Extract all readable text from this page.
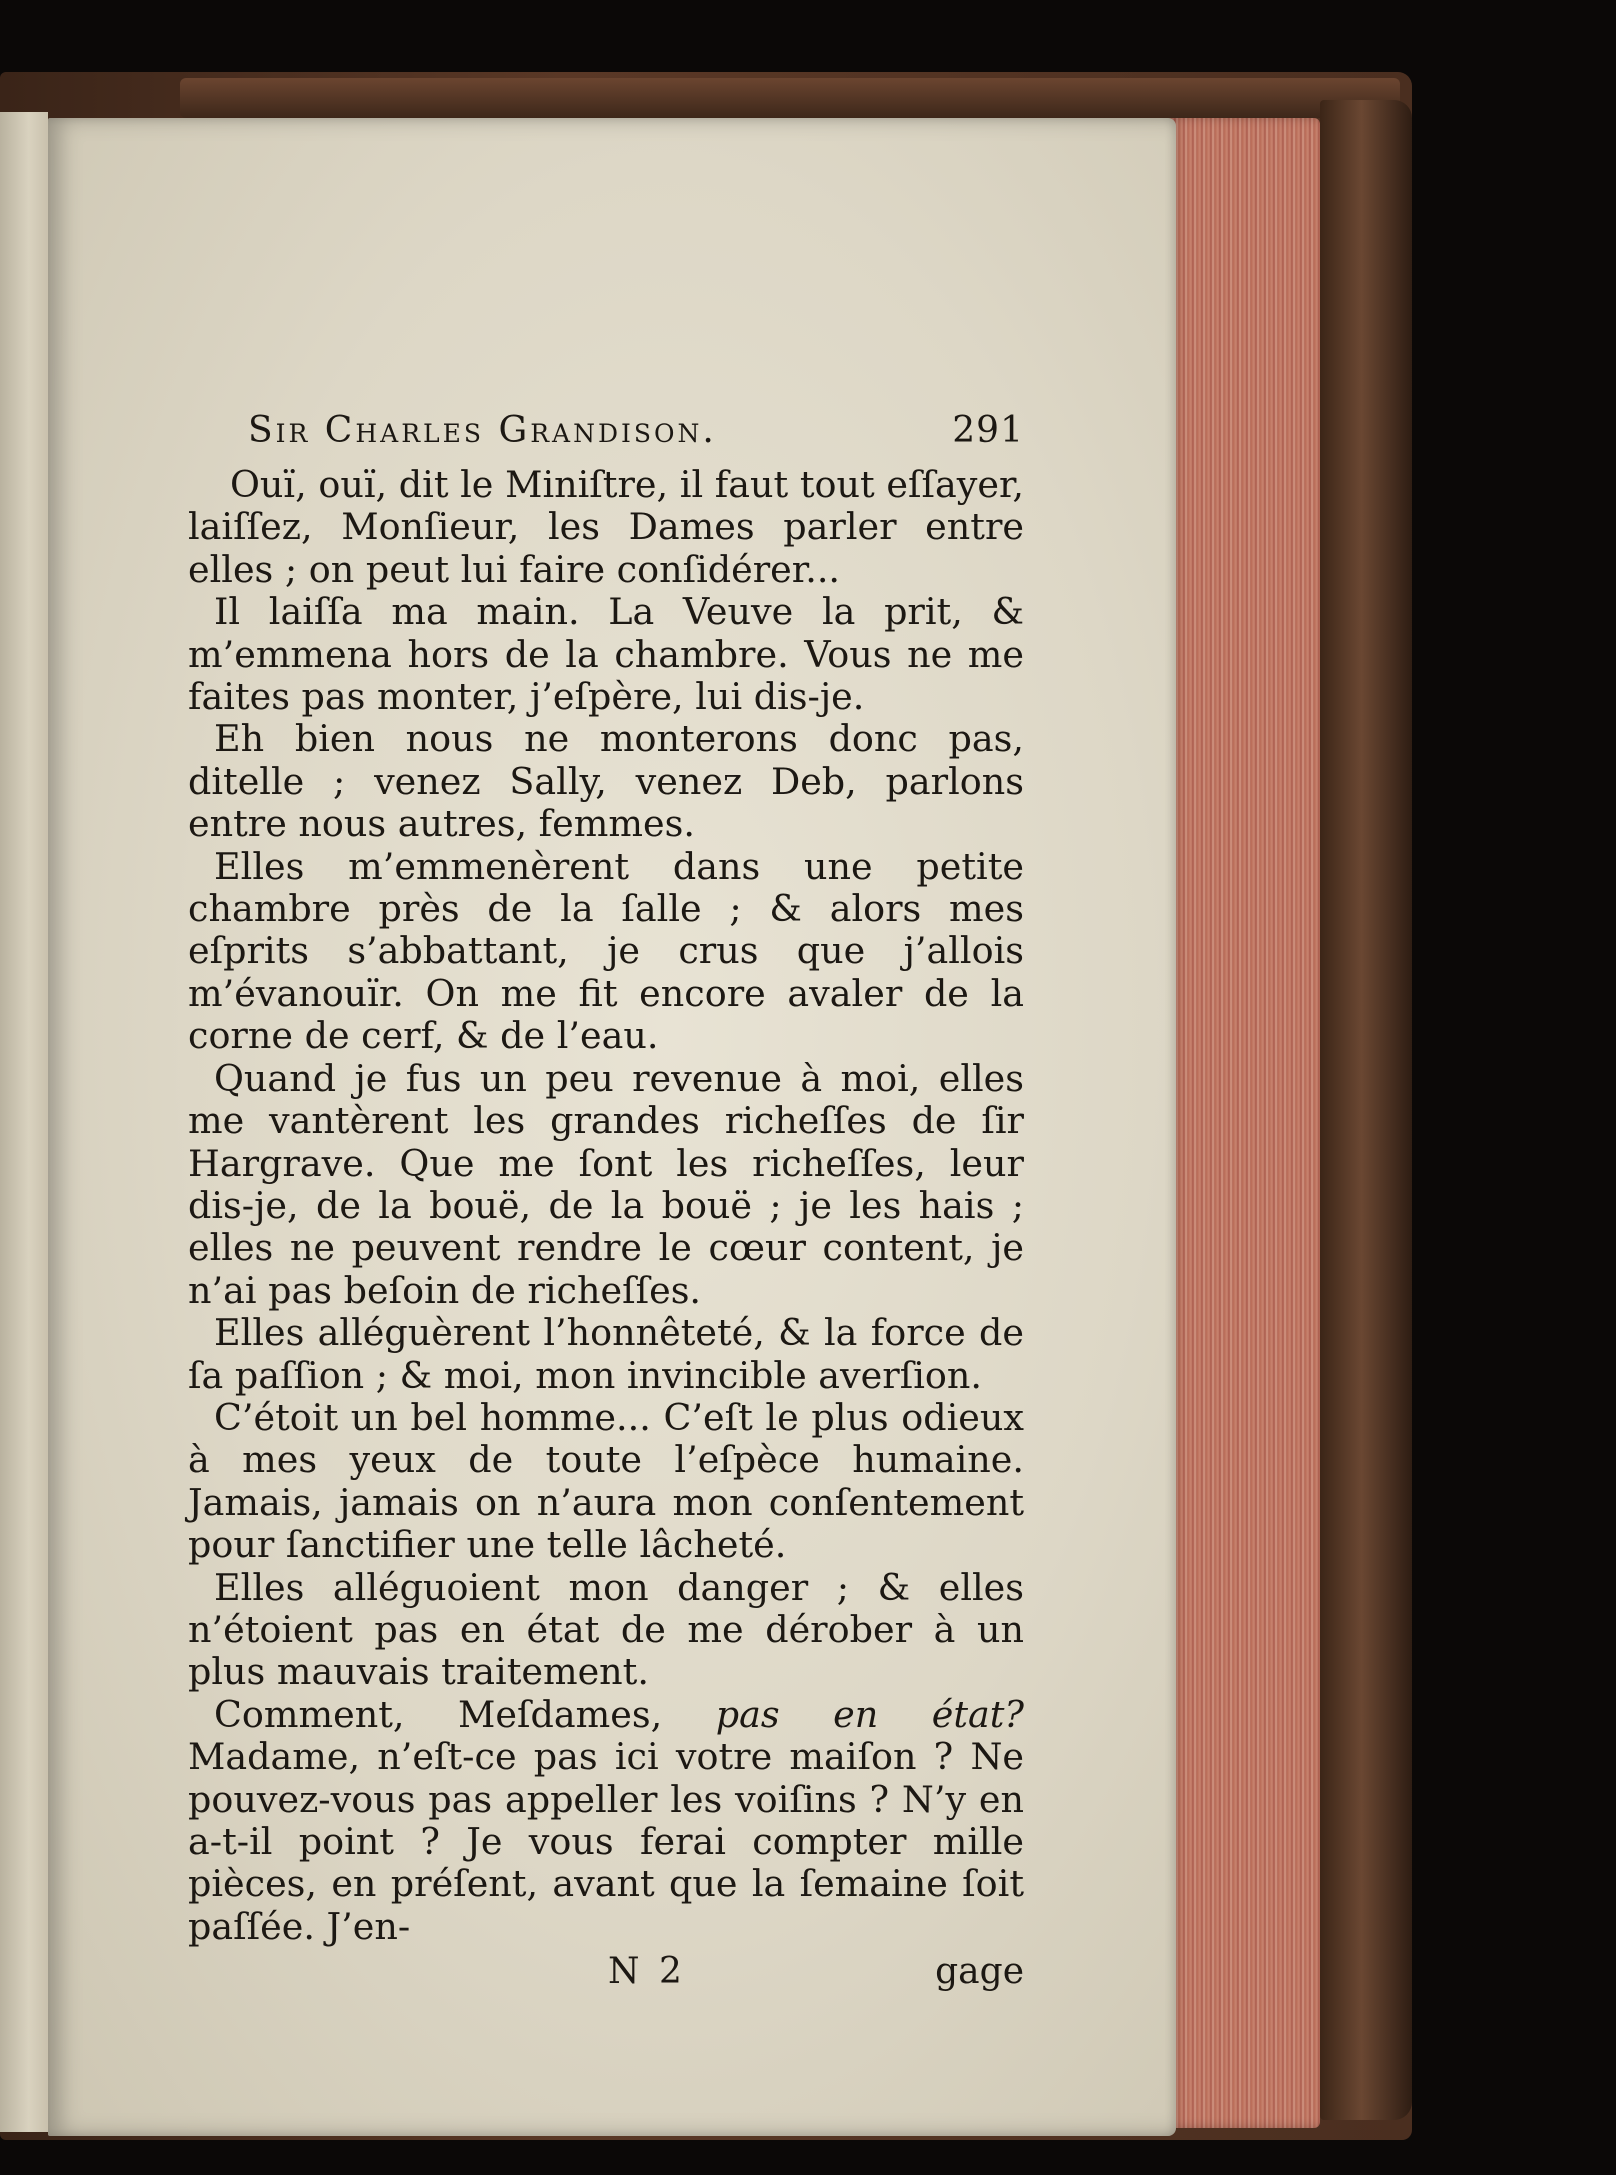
Sir Charles Grandison.	291

Ouï, ouï, dit le Miniſtre, il faut tout eſſayer, laiſſez, Monſieur, les Dames parler entre elles ; on peut lui faire conſidérer...

Il laiſſa ma main. La Veuve la prit, & m’emmena hors de la chambre. Vous ne me faites pas monter, j’eſpère, lui dis-je.

Eh bien nous ne monterons donc pas, ditelle ; venez Sally, venez Deb, parlons entre nous autres, femmes.

Elles m’emmenèrent dans une petite chambre près de la ſalle ; & alors mes eſprits s’abbattant, je crus que j’allois m’évanouïr. On me fit encore avaler de la corne de cerf, & de l’eau.

Quand je fus un peu revenue à moi, elles me vantèrent les grandes richeſſes de ſir Hargrave. Que me ſont les richeſſes, leur dis-je, de la bouë, de la bouë ; je les hais ; elles ne peuvent rendre le cœur content, je n’ai pas beſoin de richeſſes.

Elles alléguèrent l’honnêteté, & la force de ſa paſſion ; & moi, mon invincible averſion.

C’étoit un bel homme... C’eſt le plus odieux à mes yeux de toute l’eſpèce humaine. Jamais, jamais on n’aura mon conſentement pour ſanctifier une telle lâcheté.

Elles alléguoient mon danger ; & elles n’étoient pas en état de me dérober à un plus mauvais traitement.

Comment, Meſdames, pas en état? Madame, n’eſt-ce pas ici votre maiſon ? Ne pouvez-vous pas appeller les voiſins ? N’y en a-t-il point ? Je vous ferai compter mille pièces, en préſent, avant que la ſemaine ſoit paſſée. J’en-

N 2	gage
